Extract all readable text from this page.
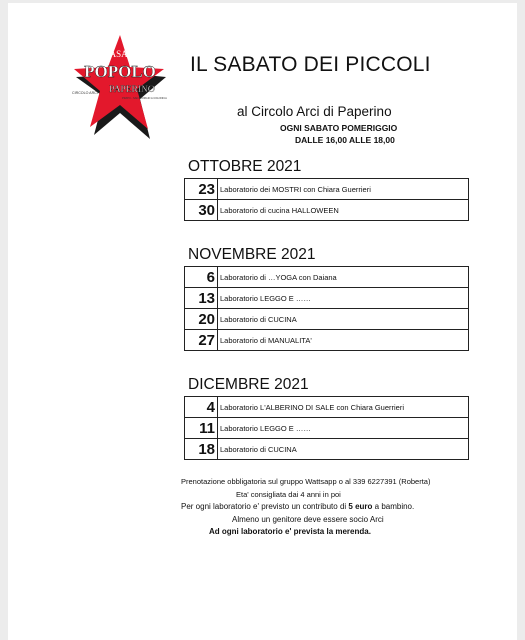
CASA del
POPOLO
PAPERINO
CIRCOLO ARCI
PRATO - SAN GIORGIO A COLONICA
IL SABATO DEI PICCOLI
al Circolo Arci di Paperino
OGNI SABATO POMERIGGIO
DALLE 16,00 ALLE 18,00
OTTOBRE 2021
23	Laboratorio dei MOSTRI con Chiara Guerrieri
30	Laboratorio di cucina HALLOWEEN
NOVEMBRE 2021
6	Laboratorio di …YOGA con Daiana
13	Laboratorio LEGGO E ……
20	Laboratorio di CUCINA
27	Laboratorio di MANUALITA'
DICEMBRE 2021
4	Laboratorio L'ALBERINO DI SALE con Chiara Guerrieri
11	Laboratorio LEGGO E ……
18	Laboratorio di CUCINA
Prenotazione obbligatoria sul gruppo Wattsapp o al 339 6227391 (Roberta)
Eta' consigliata dai 4 anni in poi
Per ogni laboratorio e' previsto un contributo di 5 euro a bambino.
Almeno un genitore deve essere socio Arci
Ad ogni laboratorio e' prevista la merenda.
